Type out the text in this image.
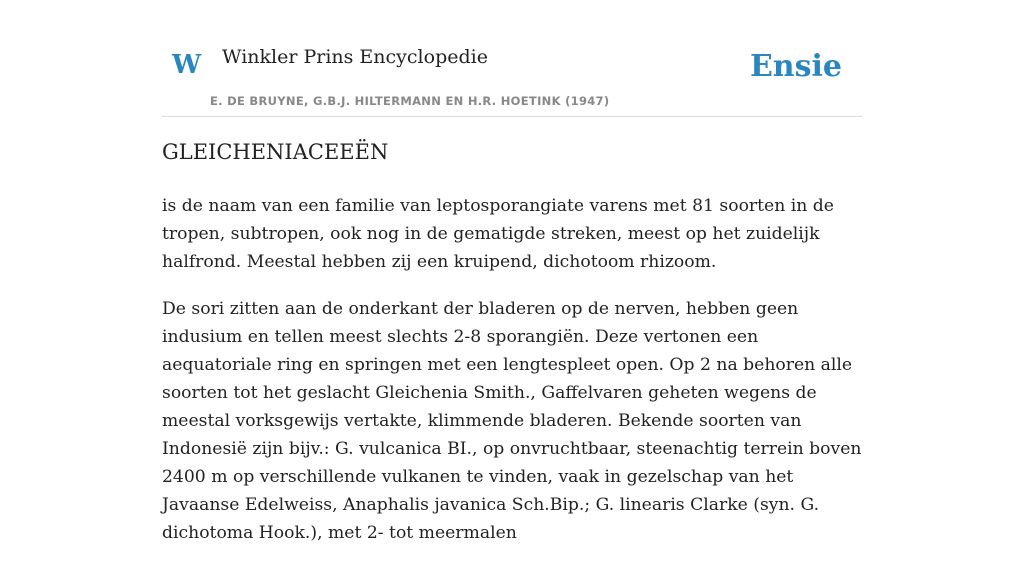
W Winkler Prins Encyclopedie
E. DE BRUYNE, G.B.J. HILTERMANN EN H.R. HOETINK (1947)
Ensie
GLEICHENIACEEËN

is de naam van een familie van leptosporangiate varens met 81 soorten in de tropen, subtropen, ook nog in de gematigde streken, meest op het zuidelijk halfrond. Meestal hebben zij een kruipend, dichotoom rhizoom.

De sori zitten aan de onderkant der bladeren op de nerven, hebben geen indusium en tellen meest slechts 2-8 sporangiën. Deze vertonen een aequatoriale ring en springen met een lengtespleet open. Op 2 na behoren alle soorten tot het geslacht Gleichenia Smith., Gaffelvaren geheten wegens de meestal vorksgewijs vertakte, klimmende bladeren. Bekende soorten van Indonesië zijn bijv.: G. vulcanica BI., op onvruchtbaar, steenachtig terrein boven 2400 m op verschillende vulkanen te vinden, vaak in gezelschap van het Javaanse Edelweiss, Anaphalis javanica Sch.Bip.; G. linearis Clarke (syn. G. dichotoma Hook.), met 2- tot meermalen
